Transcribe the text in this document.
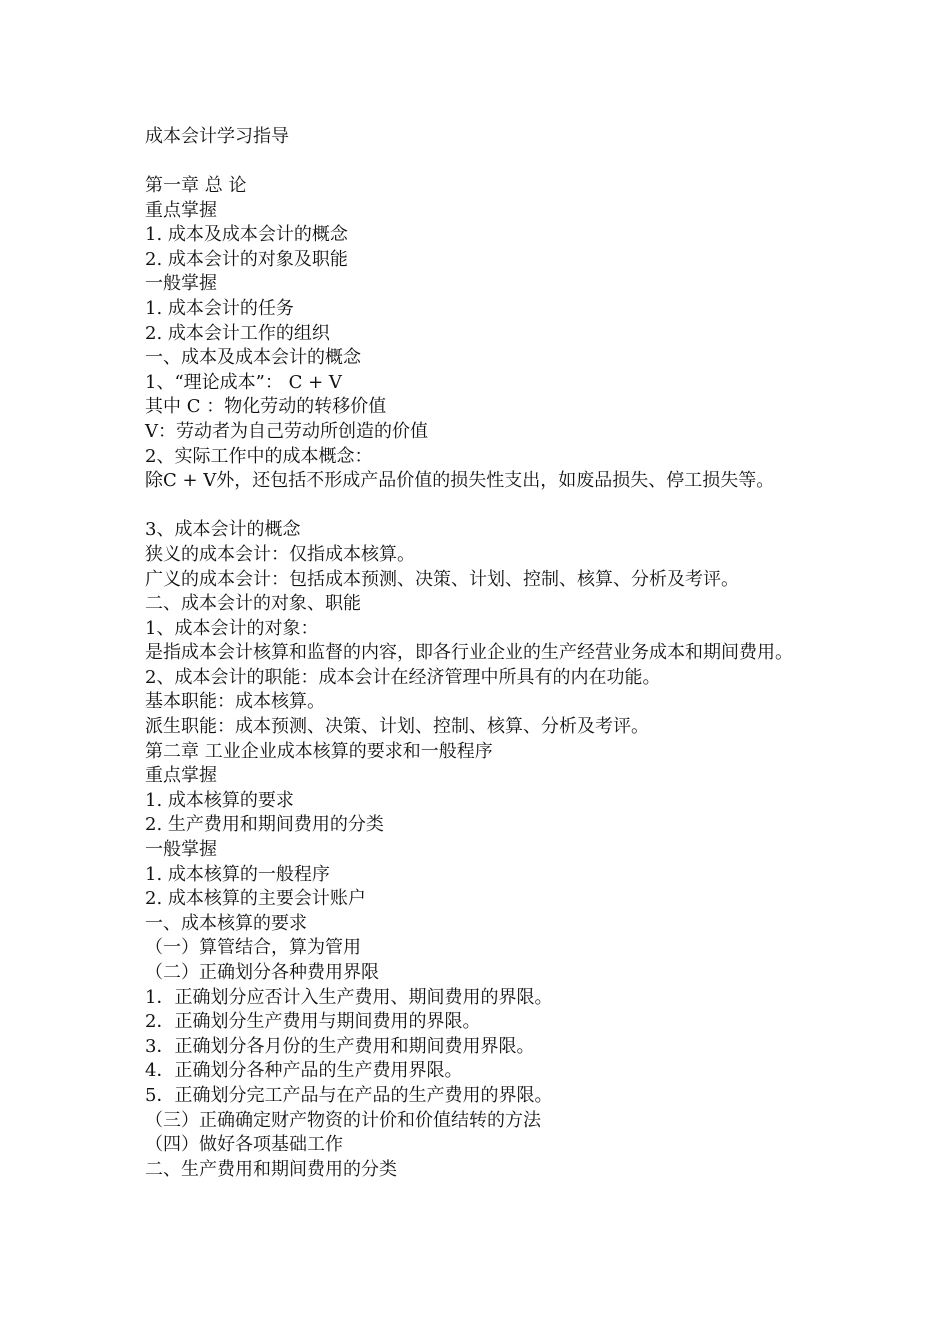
成本会计学习指导
第一章 总 论
重点掌握
1. 成本及成本会计的概念
2. 成本会计的对象及职能
一般掌握
1. 成本会计的任务
2. 成本会计工作的组织
一、成本及成本会计的概念
1、“理论成本”： C + V
其中 C ：物化劳动的转移价值
V：劳动者为自己劳动所创造的价值
2、实际工作中的成本概念：
除C + V外，还包括不形成产品价值的损失性支出，如废品损失、停工损失等。
3、成本会计的概念
狭义的成本会计：仅指成本核算。
广义的成本会计：包括成本预测、决策、计划、控制、核算、分析及考评。
二、成本会计的对象、职能
1、成本会计的对象：
是指成本会计核算和监督的内容，即各行业企业的生产经营业务成本和期间费用。
2、成本会计的职能：成本会计在经济管理中所具有的内在功能。
基本职能：成本核算。
派生职能：成本预测、决策、计划、控制、核算、分析及考评。
第二章 工业企业成本核算的要求和一般程序
重点掌握
1. 成本核算的要求
2. 生产费用和期间费用的分类
一般掌握
1. 成本核算的一般程序
2. 成本核算的主要会计账户
一、成本核算的要求
（一）算管结合，算为管用
（二）正确划分各种费用界限
1．正确划分应否计入生产费用、期间费用的界限。
2．正确划分生产费用与期间费用的界限。
3．正确划分各月份的生产费用和期间费用界限。
4．正确划分各种产品的生产费用界限。
5．正确划分完工产品与在产品的生产费用的界限。
（三）正确确定财产物资的计价和价值结转的方法
（四）做好各项基础工作
二、生产费用和期间费用的分类
